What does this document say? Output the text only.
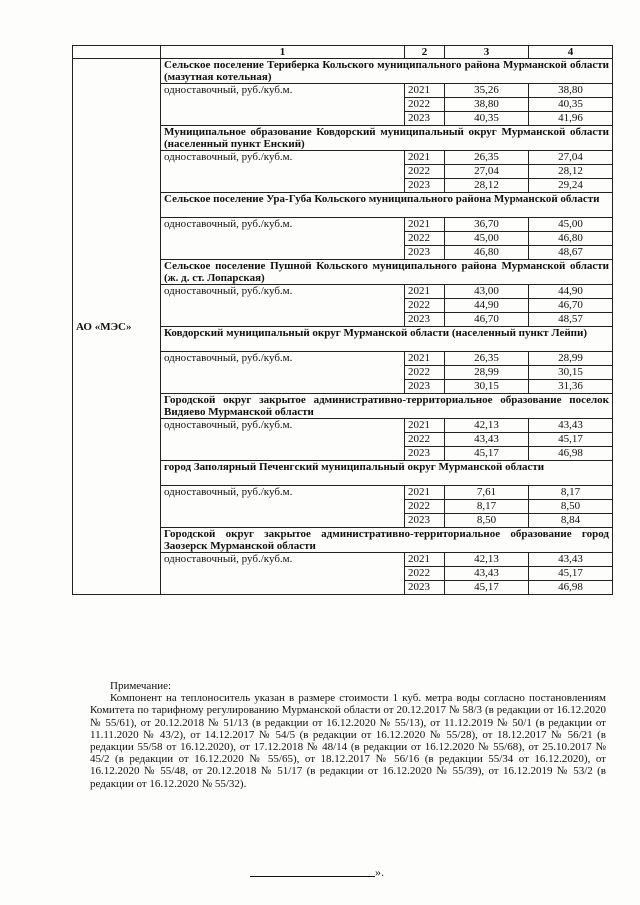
	1	2	3	4
АО «МЭС»	Сельское поселение Териберка Кольского муниципального района Мурманской области (мазутная котельная)			
	одноставочный, руб./куб.м.	2021	35,26	38,80
		2022	38,80	40,35
		2023	40,35	41,96
	Муниципальное образование Ковдорский муниципальный округ Мурманской области (населенный пункт Енский)			
	одноставочный, руб./куб.м.	2021	26,35	27,04
		2022	27,04	28,12
		2023	28,12	29,24
	Сельское поселение Ура-Губа Кольского муниципального района Мурманской области			
	одноставочный, руб./куб.м.	2021	36,70	45,00
		2022	45,00	46,80
		2023	46,80	48,67
	Сельское поселение Пушной Кольского муниципального района Мурманской области (ж. д. ст. Лопарская)			
	одноставочный, руб./куб.м.	2021	43,00	44,90
		2022	44,90	46,70
		2023	46,70	48,57
	Ковдорский муниципальный округ Мурманской области (населенный пункт Лейпи)			
	одноставочный, руб./куб.м.	2021	26,35	28,99
		2022	28,99	30,15
		2023	30,15	31,36
	Городской округ закрытое административно-территориальное образование поселок Видяево Мурманской области			
	одноставочный, руб./куб.м.	2021	42,13	43,43
		2022	43,43	45,17
		2023	45,17	46,98
	город Заполярный Печенгский муниципальный округ Мурманской области			
	одноставочный, руб./куб.м.	2021	7,61	8,17
		2022	8,17	8,50
		2023	8,50	8,84
	Городской округ закрытое административно-территориальное образование город Заозерск Мурманской области			
	одноставочный, руб./куб.м.	2021	42,13	43,43
		2022	43,43	45,17
		2023	45,17	46,98
Примечание:
Компонент на теплоноситель указан в размере стоимости 1 куб. метра воды согласно постановлениям Комитета по тарифному регулированию Мурманской области от 20.12.2017 № 58/3 (в редакции от 16.12.2020 № 55/61), от 20.12.2018 № 51/13 (в редакции от 16.12.2020 № 55/13), от 11.12.2019 № 50/1 (в редакции от 11.11.2020 № 43/2), от 14.12.2017 № 54/5 (в редакции от 16.12.2020 № 55/28), от 18.12.2017 № 56/21 (в редакции 55/58 от 16.12.2020), от 17.12.2018 № 48/14 (в редакции от 16.12.2020 № 55/68), от 25.10.2017 № 45/2 (в редакции от 16.12.2020 № 55/65), от 18.12.2017 № 56/16 (в редакции 55/34 от 16.12.2020), от 16.12.2020 № 55/48, от 20.12.2018 № 51/17 (в редакции от 16.12.2020 № 55/39), от 16.12.2019 № 53/2 (в редакции от 16.12.2020 № 55/32).
».
